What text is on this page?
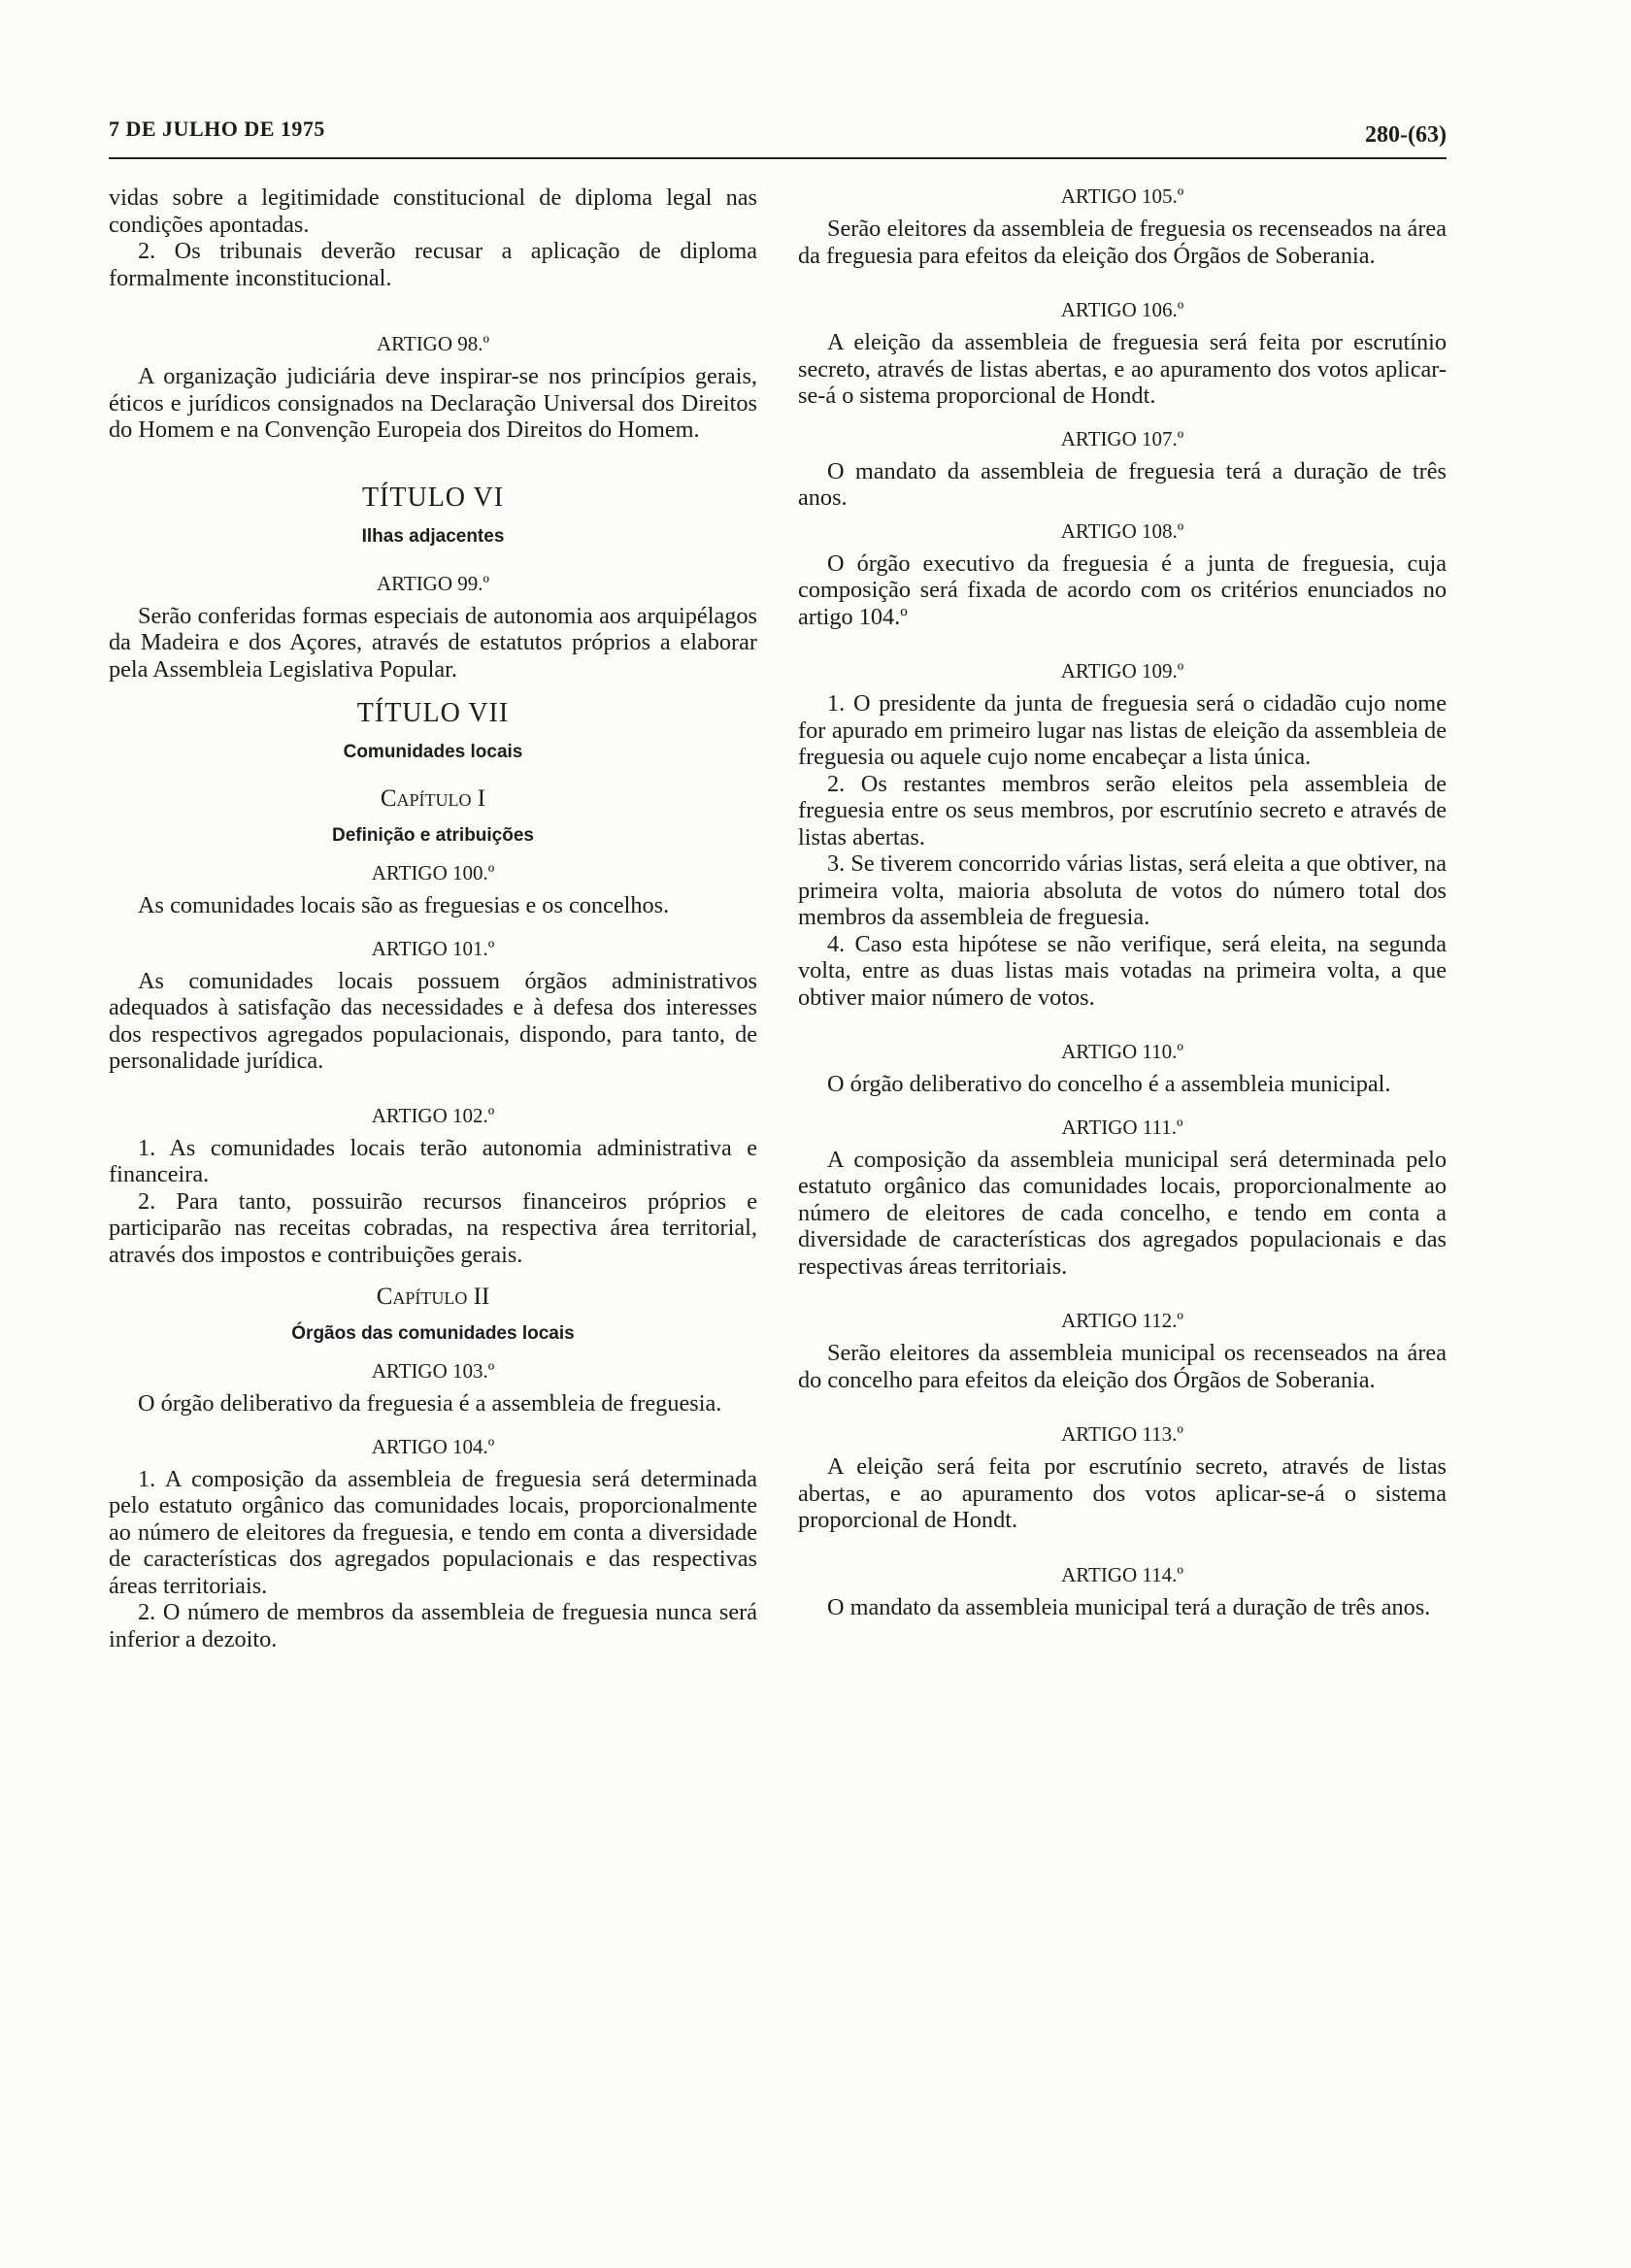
7 DE JULHO DE 1975	280-(63)

vidas sobre a legitimidade constitucional de diploma legal nas condições apontadas.

2. Os tribunais deverão recusar a aplicação de diploma formalmente inconstitucional.

ARTIGO 98.º

A organização judiciária deve inspirar-se nos princípios gerais, éticos e jurídicos consignados na Declaração Universal dos Direitos do Homem e na Convenção Europeia dos Direitos do Homem.

TÍTULO VI

Ilhas adjacentes

ARTIGO 99.º

Serão conferidas formas especiais de autonomia aos arquipélagos da Madeira e dos Açores, através de estatutos próprios a elaborar pela Assembleia Legislativa Popular.

TÍTULO VII

Comunidades locais

Capítulo I

Definição e atribuições

ARTIGO 100.º

As comunidades locais são as freguesias e os concelhos.

ARTIGO 101.º

As comunidades locais possuem órgãos administrativos adequados à satisfação das necessidades e à defesa dos interesses dos respectivos agregados populacionais, dispondo, para tanto, de personalidade jurídica.

ARTIGO 102.º

1. As comunidades locais terão autonomia administrativa e financeira.

2. Para tanto, possuirão recursos financeiros próprios e participarão nas receitas cobradas, na respectiva área territorial, através dos impostos e contribuições gerais.

Capítulo II

Órgãos das comunidades locais

ARTIGO 103.º

O órgão deliberativo da freguesia é a assembleia de freguesia.

ARTIGO 104.º

1. A composição da assembleia de freguesia será determinada pelo estatuto orgânico das comunidades locais, proporcionalmente ao número de eleitores da freguesia, e tendo em conta a diversidade de características dos agregados populacionais e das respectivas áreas territoriais.

2. O número de membros da assembleia de freguesia nunca será inferior a dezoito.

ARTIGO 105.º

Serão eleitores da assembleia de freguesia os recenseados na área da freguesia para efeitos da eleição dos Órgãos de Soberania.

ARTIGO 106.º

A eleição da assembleia de freguesia será feita por escrutínio secreto, através de listas abertas, e ao apuramento dos votos aplicar-se-á o sistema proporcional de Hondt.

ARTIGO 107.º

O mandato da assembleia de freguesia terá a duração de três anos.

ARTIGO 108.º

O órgão executivo da freguesia é a junta de freguesia, cuja composição será fixada de acordo com os critérios enunciados no artigo 104.º

ARTIGO 109.º

1. O presidente da junta de freguesia será o cidadão cujo nome for apurado em primeiro lugar nas listas de eleição da assembleia de freguesia ou aquele cujo nome encabeçar a lista única.

2. Os restantes membros serão eleitos pela assembleia de freguesia entre os seus membros, por escrutínio secreto e através de listas abertas.

3. Se tiverem concorrido várias listas, será eleita a que obtiver, na primeira volta, maioria absoluta de votos do número total dos membros da assembleia de freguesia.

4. Caso esta hipótese se não verifique, será eleita, na segunda volta, entre as duas listas mais votadas na primeira volta, a que obtiver maior número de votos.

ARTIGO 110.º

O órgão deliberativo do concelho é a assembleia municipal.

ARTIGO 111.º

A composição da assembleia municipal será determinada pelo estatuto orgânico das comunidades locais, proporcionalmente ao número de eleitores de cada concelho, e tendo em conta a diversidade de características dos agregados populacionais e das respectivas áreas territoriais.

ARTIGO 112.º

Serão eleitores da assembleia municipal os recenseados na área do concelho para efeitos da eleição dos Órgãos de Soberania.

ARTIGO 113.º

A eleição será feita por escrutínio secreto, através de listas abertas, e ao apuramento dos votos aplicar-se-á o sistema proporcional de Hondt.

ARTIGO 114.º

O mandato da assembleia municipal terá a duração de três anos.
